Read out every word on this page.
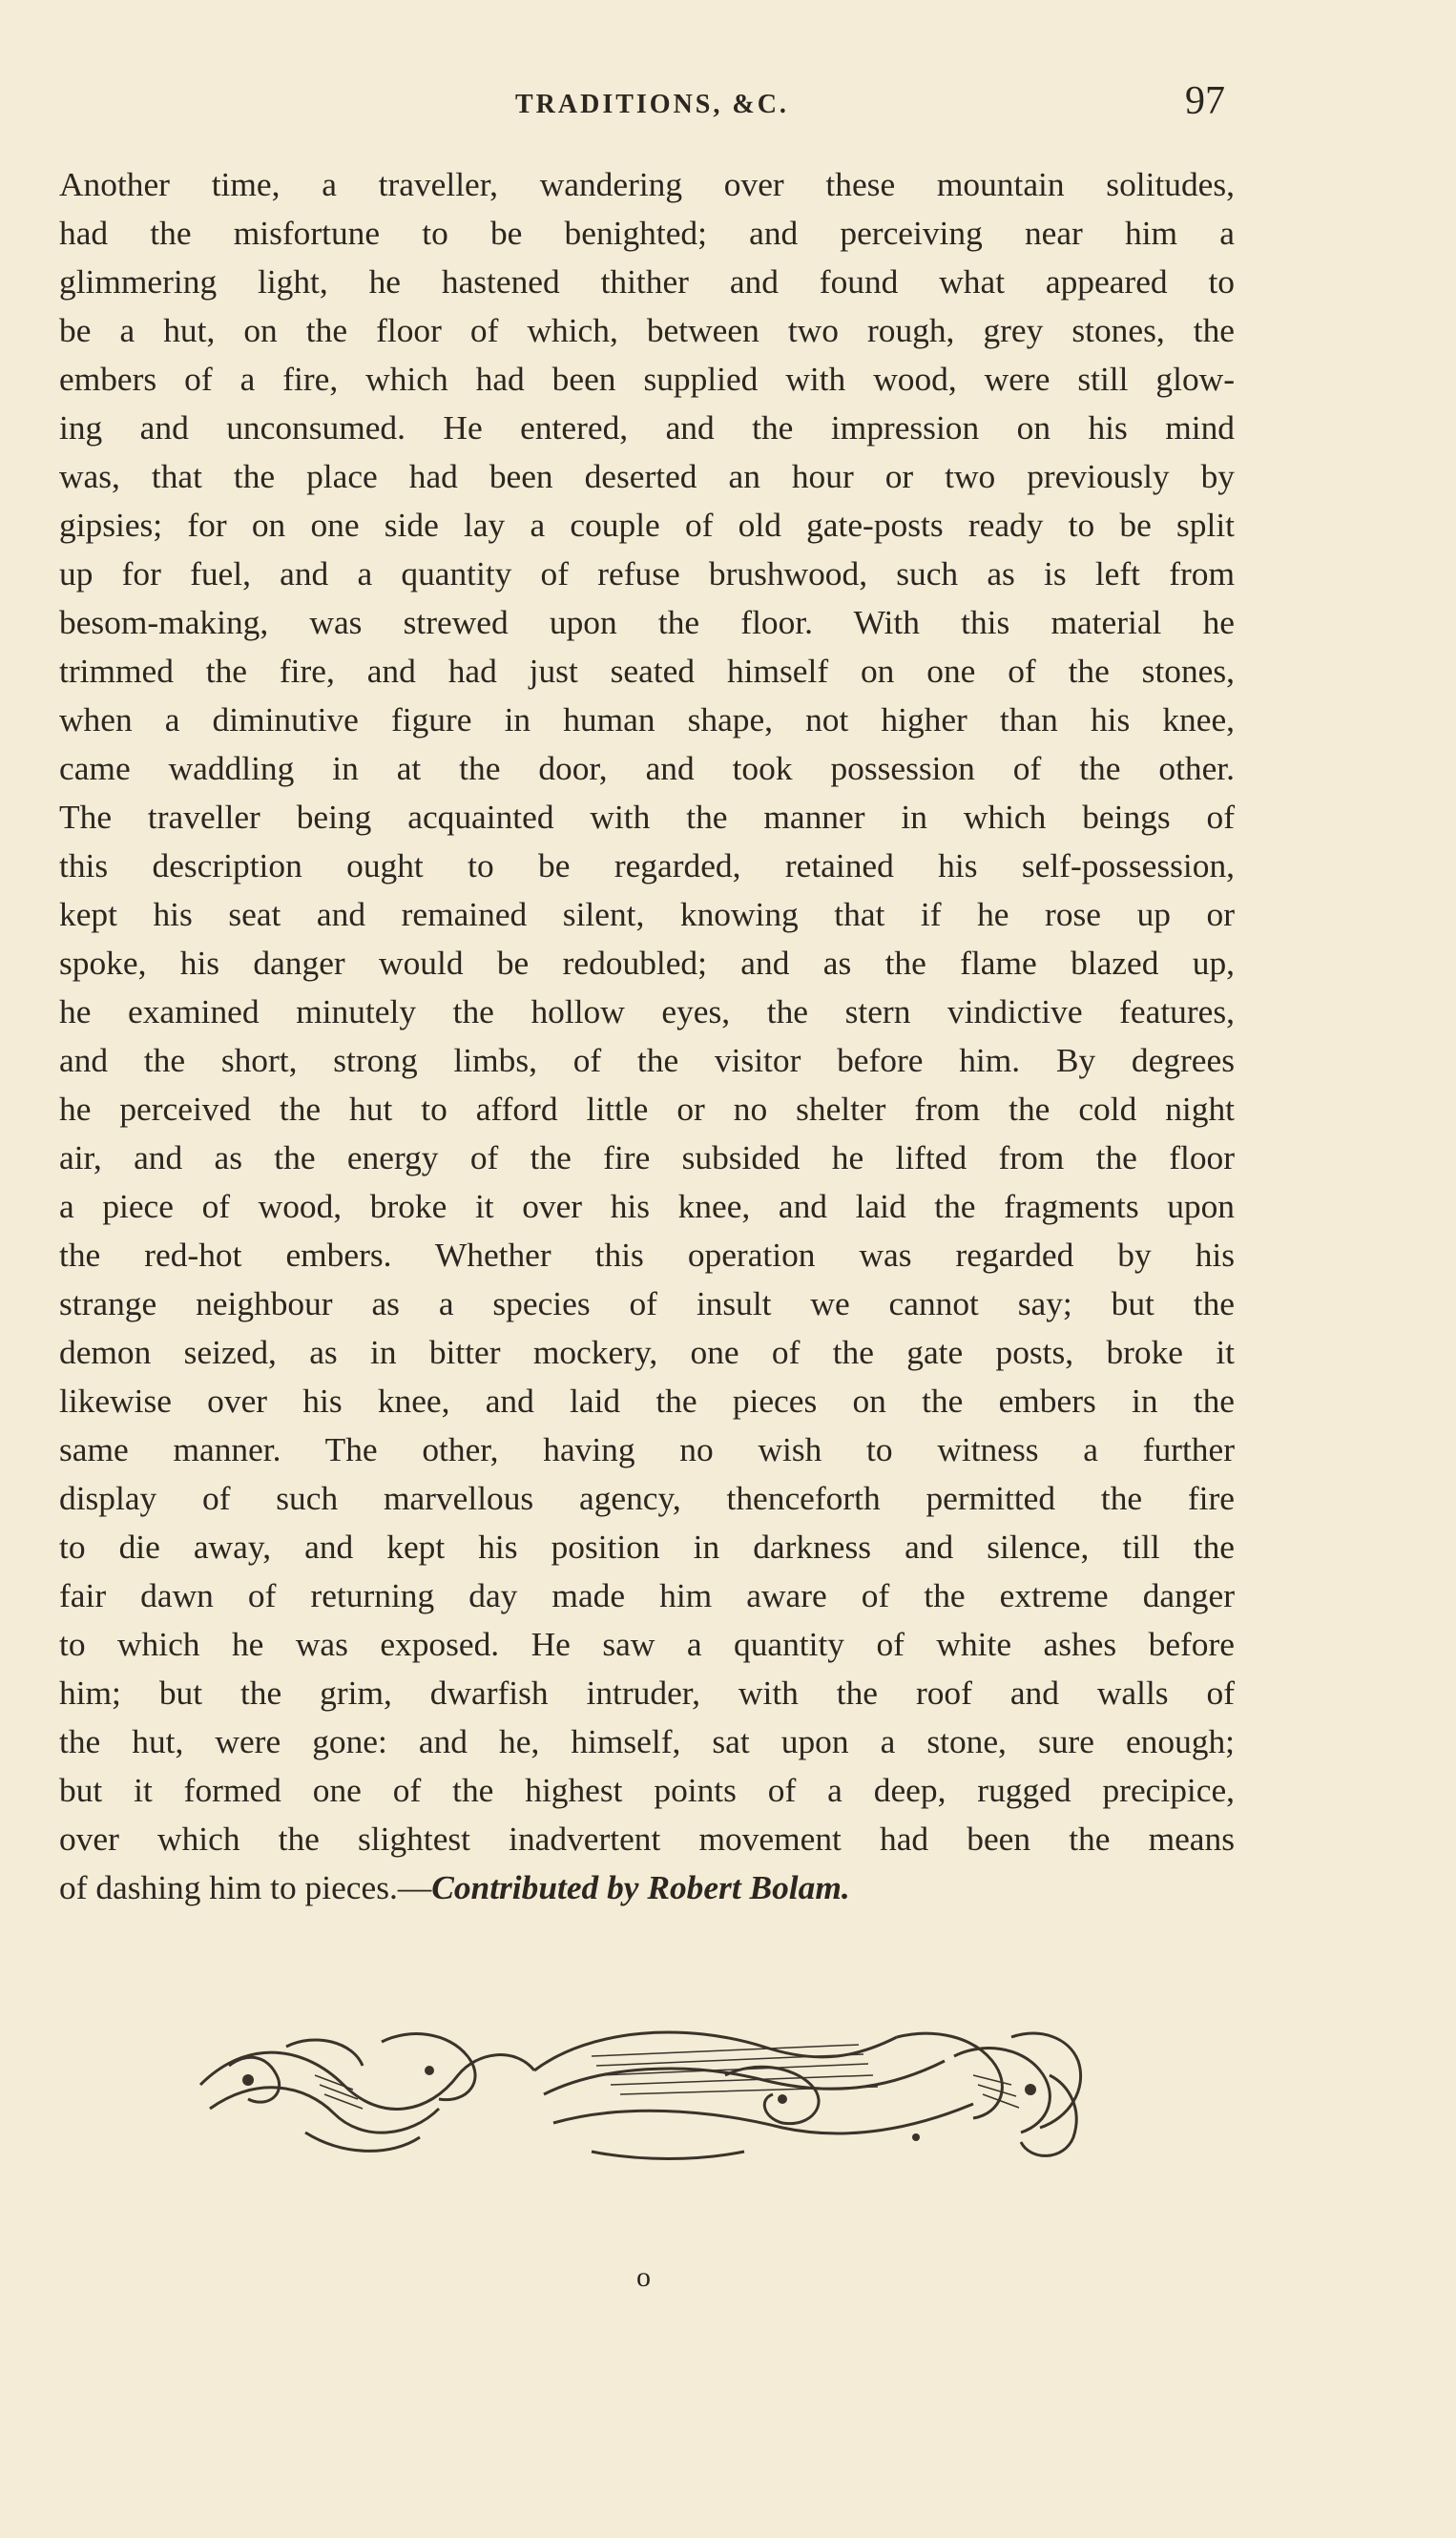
TRADITIONS, &C.	97
Another time, a traveller, wandering over these mountain solitudes,
had the misfortune to be benighted; and perceiving near him a
glimmering light, he hastened thither and found what appeared to
be a hut, on the floor of which, between two rough, grey stones, the
embers of a fire, which had been supplied with wood, were still glow-
ing and unconsumed. He entered, and the impression on his mind
was, that the place had been deserted an hour or two previously by
gipsies; for on one side lay a couple of old gate-posts ready to be split
up for fuel, and a quantity of refuse brushwood, such as is left from
besom-making, was strewed upon the floor. With this material he
trimmed the fire, and had just seated himself on one of the stones,
when a diminutive figure in human shape, not higher than his knee,
came waddling in at the door, and took possession of the other.
The traveller being acquainted with the manner in which beings of
this description ought to be regarded, retained his self-possession,
kept his seat and remained silent, knowing that if he rose up or
spoke, his danger would be redoubled; and as the flame blazed up,
he examined minutely the hollow eyes, the stern vindictive features,
and the short, strong limbs, of the visitor before him. By degrees
he perceived the hut to afford little or no shelter from the cold night
air, and as the energy of the fire subsided he lifted from the floor
a piece of wood, broke it over his knee, and laid the fragments upon
the red-hot embers. Whether this operation was regarded by his
strange neighbour as a species of insult we cannot say; but the
demon seized, as in bitter mockery, one of the gate posts, broke it
likewise over his knee, and laid the pieces on the embers in the
same manner. The other, having no wish to witness a further
display of such marvellous agency, thenceforth permitted the fire
to die away, and kept his position in darkness and silence, till the
fair dawn of returning day made him aware of the extreme danger
to which he was exposed. He saw a quantity of white ashes before
him; but the grim, dwarfish intruder, with the roof and walls of
the hut, were gone: and he, himself, sat upon a stone, sure enough;
but it formed one of the highest points of a deep, rugged precipice,
over which the slightest inadvertent movement had been the means
of dashing him to pieces.—Contributed by Robert Bolam.
o
